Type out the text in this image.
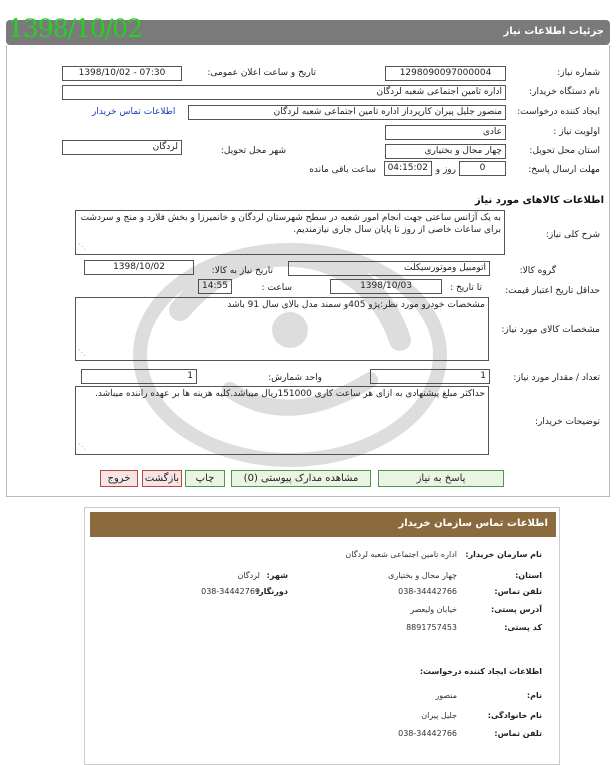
جزئیات اطلاعات نیاز
1398/10/02
شماره نیاز:
1298090097000004
تاریخ و ساعت اعلان عمومی:
1398/10/02 - 07:30
نام دستگاه خریدار:
اداره تامین اجتماعی شعبه لردگان
ایجاد کننده درخواست:
منصور جلیل پیران کارپرداز اداره تامین اجتماعی شعبه لردگان
اطلاعات تماس خریدار
اولویت نیاز :
عادی
استان محل تحویل:
چهار محال و بختیاری
شهر محل تحویل:
لردگان
مهلت ارسال پاسخ:
0
روز و
04:15:02
ساعت باقی مانده
اطلاعات کالاهای مورد نیاز
شرح کلی نیاز:
به یک آژانس ساعتی جهت انجام امور شعبه در سطح شهرستان لردگان و خانمیرزا و بخش فلارد و منج و سردشت برای ساعات خاصی از روز تا پایان سال جاری نیازمندیم.
⋰
گروه کالا:
اتومبیل وموتورسیکلت
تاریخ نیاز به کالا:
1398/10/02
حداقل تاریخ اعتبار قیمت:
تا تاریخ :
1398/10/03
ساعت :
14:55
مشخصات کالای مورد نیاز:
مشخصات خودرو مورد نظر:پژو 405و سمند مدل بالای سال 91 باشد
⋰
تعداد / مقدار مورد نیاز:
1
واحد شمارش:
1
توضیحات خریدار:
حداکثر مبلغ پیشنهادی به ازای هر ساعت کاری 151000ریال میباشد.کلیه هزینه ها بر عهده راننده میباشد.
⋰
پاسخ به نیاز
مشاهده مدارک پیوستی (0)
چاپ
بازگشت
خروج
اطلاعات تماس سازمان خریدار
نام سازمان خریدار:
اداره تامین اجتماعی شعبه لردگان
استان:
چهار محال و بختیاری
شهر:
لردگان
تلفن تماس:
038-34442766
دورنگار:
038-34442769
آدرس پستی:
خیابان ولیعصر
کد پستی:
8891757453
اطلاعات ایجاد کننده درخواست:
نام:
منصور
نام خانوادگی:
جلیل پیران
تلفن تماس:
038-34442766
